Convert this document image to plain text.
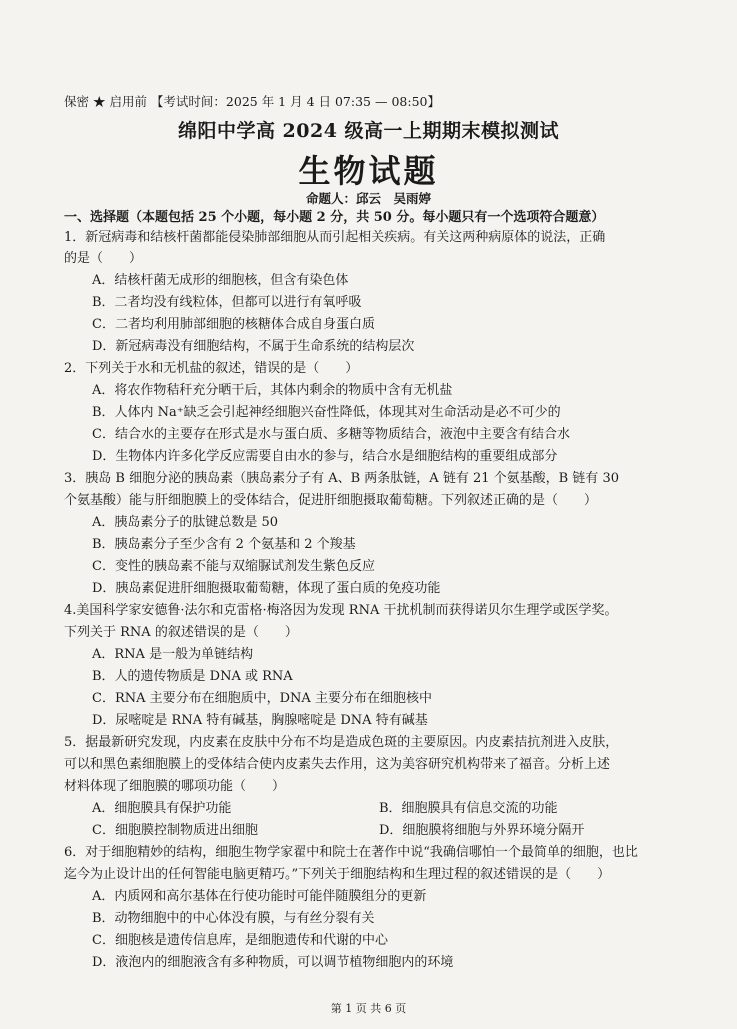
保密 ★ 启用前 【考试时间：2025 年 1 月 4 日 07:35 — 08:50】
绵阳中学高 2024 级高一上期期末模拟测试
生物试题
命题人：邱云　吴雨婷
一、选择题（本题包括 25 个小题，每小题 2 分，共 50 分。每小题只有一个选项符合题意）
1．新冠病毒和结核杆菌都能侵染肺部细胞从而引起相关疾病。有关这两种病原体的说法，正确
的是（　　）
A．结核杆菌无成形的细胞核，但含有染色体
B．二者均没有线粒体，但都可以进行有氧呼吸
C．二者均利用肺部细胞的核糖体合成自身蛋白质
D．新冠病毒没有细胞结构，不属于生命系统的结构层次
2．下列关于水和无机盐的叙述，错误的是（　　）
A．将农作物秸秆充分晒干后，其体内剩余的物质中含有无机盐
B．人体内 Na⁺缺乏会引起神经细胞兴奋性降低，体现其对生命活动是必不可少的
C．结合水的主要存在形式是水与蛋白质、多糖等物质结合，液泡中主要含有结合水
D．生物体内许多化学反应需要自由水的参与，结合水是细胞结构的重要组成部分
3．胰岛 B 细胞分泌的胰岛素（胰岛素分子有 A、B 两条肽链，A 链有 21 个氨基酸，B 链有 30
个氨基酸）能与肝细胞膜上的受体结合，促进肝细胞摄取葡萄糖。下列叙述正确的是（　　）
A．胰岛素分子的肽键总数是 50
B．胰岛素分子至少含有 2 个氨基和 2 个羧基
C．变性的胰岛素不能与双缩脲试剂发生紫色反应
D．胰岛素促进肝细胞摄取葡萄糖，体现了蛋白质的免疫功能
4.美国科学家安德鲁·法尔和克雷格·梅洛因为发现 RNA 干扰机制而获得诺贝尔生理学或医学奖。
下列关于 RNA 的叙述错误的是（　　）
A．RNA 是一般为单链结构
B．人的遗传物质是 DNA 或 RNA
C．RNA 主要分布在细胞质中，DNA 主要分布在细胞核中
D．尿嘧啶是 RNA 特有碱基，胸腺嘧啶是 DNA 特有碱基
5．据最新研究发现，内皮素在皮肤中分布不均是造成色斑的主要原因。内皮素拮抗剂进入皮肤，
可以和黑色素细胞膜上的受体结合使内皮素失去作用，这为美容研究机构带来了福音。分析上述
材料体现了细胞膜的哪项功能（　　）
A．细胞膜具有保护功能	B．细胞膜具有信息交流的功能
C．细胞膜控制物质进出细胞	D．细胞膜将细胞与外界环境分隔开
6．对于细胞精妙的结构，细胞生物学家翟中和院士在著作中说“我确信哪怕一个最简单的细胞，也比
迄今为止设计出的任何智能电脑更精巧。”下列关于细胞结构和生理过程的叙述错误的是（　　）
A．内质网和高尔基体在行使功能时可能伴随膜组分的更新
B．动物细胞中的中心体没有膜，与有丝分裂有关
C．细胞核是遗传信息库，是细胞遗传和代谢的中心
D．液泡内的细胞液含有多种物质，可以调节植物细胞内的环境
第 1 页 共 6 页
